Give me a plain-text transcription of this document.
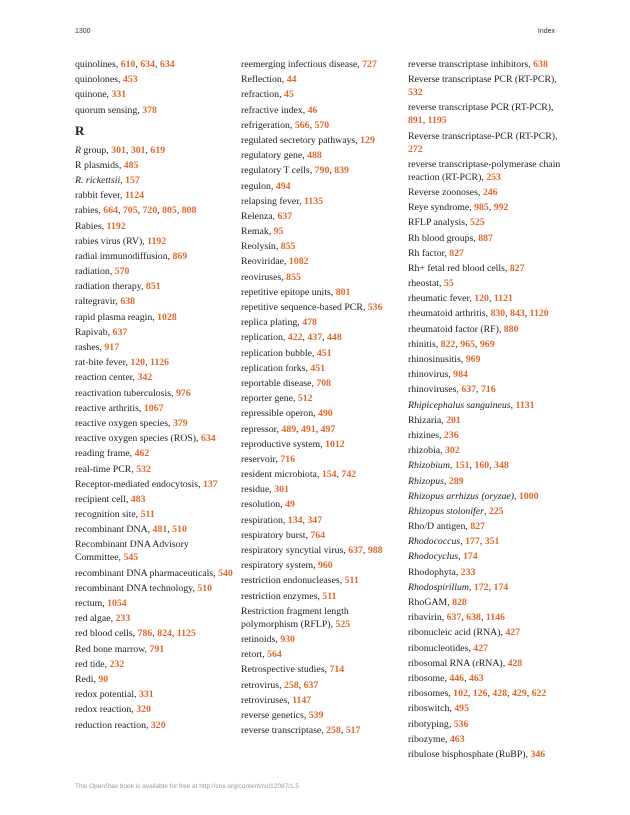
1300	Index
quinolines, 610, 634, 634
quinolones, 453
quinone, 331
quorum sensing, 378
R
R group, 301, 301, 619
R plasmids, 485
R. rickettsii, 157
rabbit fever, 1124
rabies, 664, 705, 720, 805, 808
Rabies, 1192
rabies virus (RV), 1192
radial immunodiffusion, 869
radiation, 570
radiation therapy, 851
raltegravir, 638
rapid plasma reagin, 1028
Rapivab, 637
rashes, 917
rat-bite fever, 120, 1126
reaction center, 342
reactivation tuberculosis, 976
reactive arthritis, 1067
reactive oxygen species, 379
reactive oxygen species (ROS), 634
reading frame, 462
real-time PCR, 532
Receptor-mediated endocytosis, 137
recipient cell, 483
recognition site, 511
recombinant DNA, 481, 510
Recombinant DNA Advisory Committee, 545
recombinant DNA pharmaceuticals, 540
recombinant DNA technology, 510
rectum, 1054
red algae, 233
red blood cells, 786, 824, 1125
Red bone marrow, 791
red tide, 232
Redi, 90
redox potential, 331
redox reaction, 320
reduction reaction, 320
reemerging infectious disease, 727
Reflection, 44
refraction, 45
refractive index, 46
refrigeration, 566, 570
regulated secretory pathways, 129
regulatory gene, 488
regulatory T cells, 790, 839
regulon, 494
relapsing fever, 1135
Relenza, 637
Remak, 95
Reolysin, 855
Reoviridae, 1082
reoviruses, 855
repetitive epitope units, 801
repetitive sequence-based PCR, 536
replica plating, 478
replication, 422, 437, 448
replication bubble, 451
replication forks, 451
reportable disease, 708
reporter gene, 512
repressible operon, 490
repressor, 489, 491, 497
reproductive system, 1012
reservoir, 716
resident microbiota, 154, 742
residue, 301
resolution, 49
respiration, 134, 347
respiratory burst, 764
respiratory syncytial virus, 637, 988
respiratory system, 960
restriction endonucleases, 511
restriction enzymes, 511
Restriction fragment length polymorphism (RFLP), 525
retinoids, 930
retort, 564
Retrospective studies, 714
retrovirus, 258, 637
retroviruses, 1147
reverse genetics, 539
reverse transcriptase, 258, 517
reverse transcriptase inhibitors, 638
Reverse transcriptase PCR (RT-PCR), 532
reverse transcriptase PCR (RT-PCR), 891, 1195
Reverse transcriptase-PCR (RT-PCR), 272
reverse transcriptase-polymerase chain reaction (RT-PCR), 253
Reverse zoonoses, 246
Reye syndrome, 985, 992
RFLP analysis, 525
Rh blood groups, 887
Rh factor, 827
Rh+ fetal red blood cells, 827
rheostat, 55
rheumatic fever, 120, 1121
rheumatoid arthritis, 830, 843, 1120
rheumatoid factor (RF), 880
rhinitis, 822, 965, 969
rhinosinusitis, 969
rhinovirus, 984
rhinoviruses, 637, 716
Rhipicephalus sanguineus, 1131
Rhizaria, 201
rhizines, 236
rhizobia, 302
Rhizobium, 151, 160, 348
Rhizopus, 289
Rhizopus arrhizus (oryzae), 1000
Rhizopus stolonifer, 225
Rho/D antigen, 827
Rhodococcus, 177, 351
Rhodocyclus, 174
Rhodophyta, 233
Rhodospirillum, 172, 174
RhoGAM, 828
ribavirin, 637, 638, 1146
ribonucleic acid (RNA), 427
ribonucleotides, 427
ribosomal RNA (rRNA), 428
ribosome, 446, 463
ribosomes, 102, 126, 428, 429, 622
riboswitch, 495
ribotyping, 536
ribozyme, 463
ribulose bisphosphate (RuBP), 346
This OpenStax book is available for free at http://cnx.org/content/col12087/1.5
